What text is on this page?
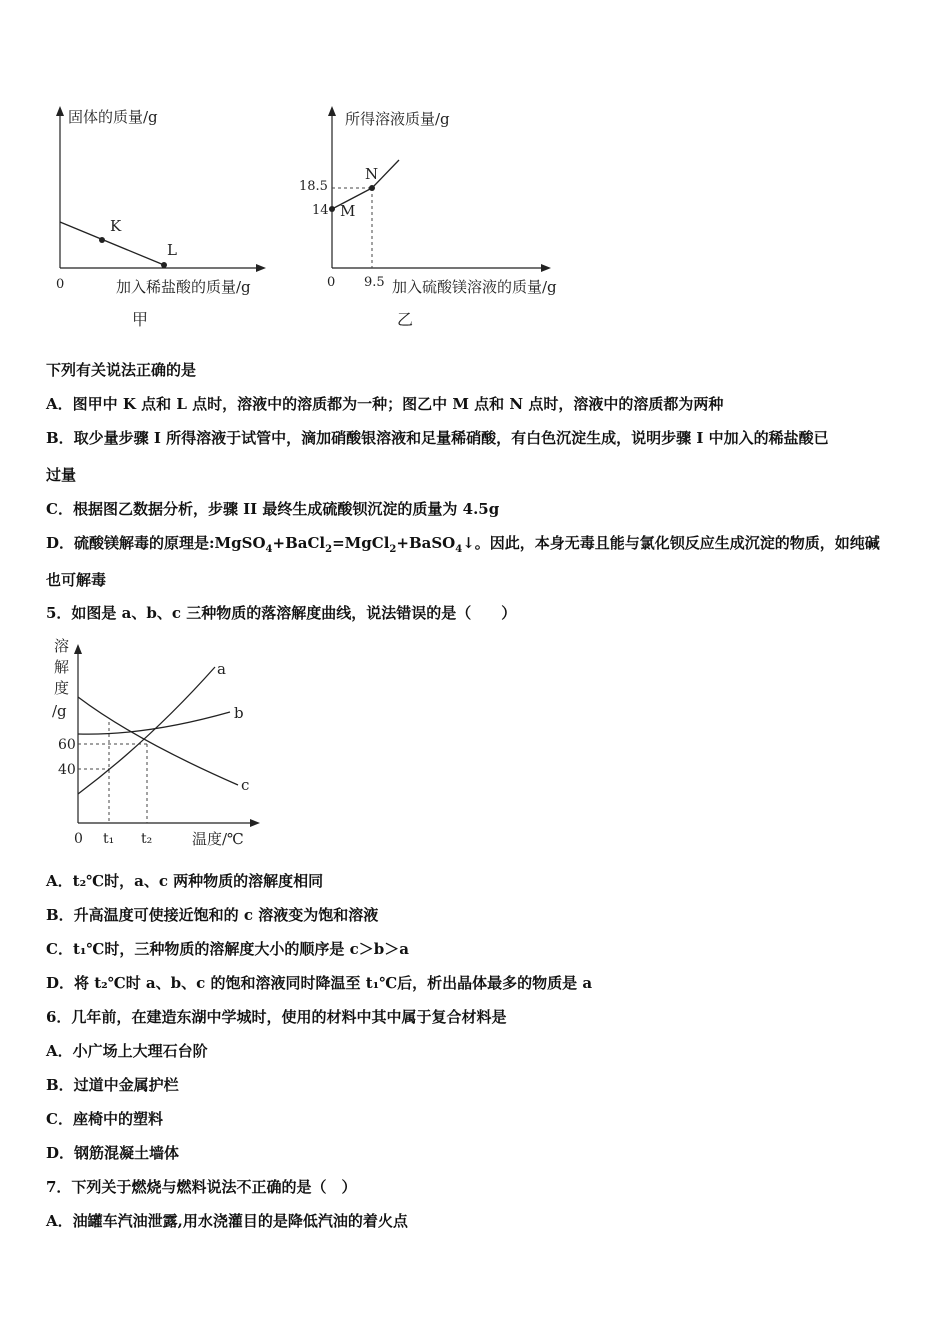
固体的质量/g
0	加入稀盐酸的质量/g
K
L
甲
所得溶液质量/g
0 9.5 加入硫酸镁溶液的质量/g
18.5
14 M
N
乙
下列有关说法正确的是
A．图甲中 K 点和 L 点时，溶液中的溶质都为一种；图乙中 M 点和 N 点时，溶液中的溶质都为两种
B．取少量步骤 I 所得溶液于试管中，滴加硝酸银溶液和足量稀硝酸，有白色沉淀生成，说明步骤 I 中加入的稀盐酸已
过量
C．根据图乙数据分析，步骤 II 最终生成硫酸钡沉淀的质量为 4.5g
D．硫酸镁解毒的原理是:MgSO$_4$+BaCl$_2$=MgCl$_2$+BaSO$_4$↓。因此，本身无毒且能与氯化钡反应生成沉淀的物质，如纯碱
也可解毒
5．如图是 a、b、c 三种物质的落溶解度曲线，说法错误的是（　　）
溶
解
度
/g
60
40
a
b
c
0 t₁ t₂	温度/℃
A．t₂℃时，a、c 两种物质的溶解度相同
B．升高温度可使接近饱和的 c 溶液变为饱和溶液
C．t₁℃时，三种物质的溶解度大小的顺序是 c＞b＞a
D．将 t₂℃时 a、b、c 的饱和溶液同时降温至 t₁℃后，析出晶体最多的物质是 a
6．几年前，在建造东湖中学城时，使用的材料中其中属于复合材料是
A．小广场上大理石台阶
B．过道中金属护栏
C．座椅中的塑料
D．钢筋混凝土墙体
7．下列关于燃烧与燃料说法不正确的是（　）
A．油罐车汽油泄露,用水浇灌目的是降低汽油的着火点
